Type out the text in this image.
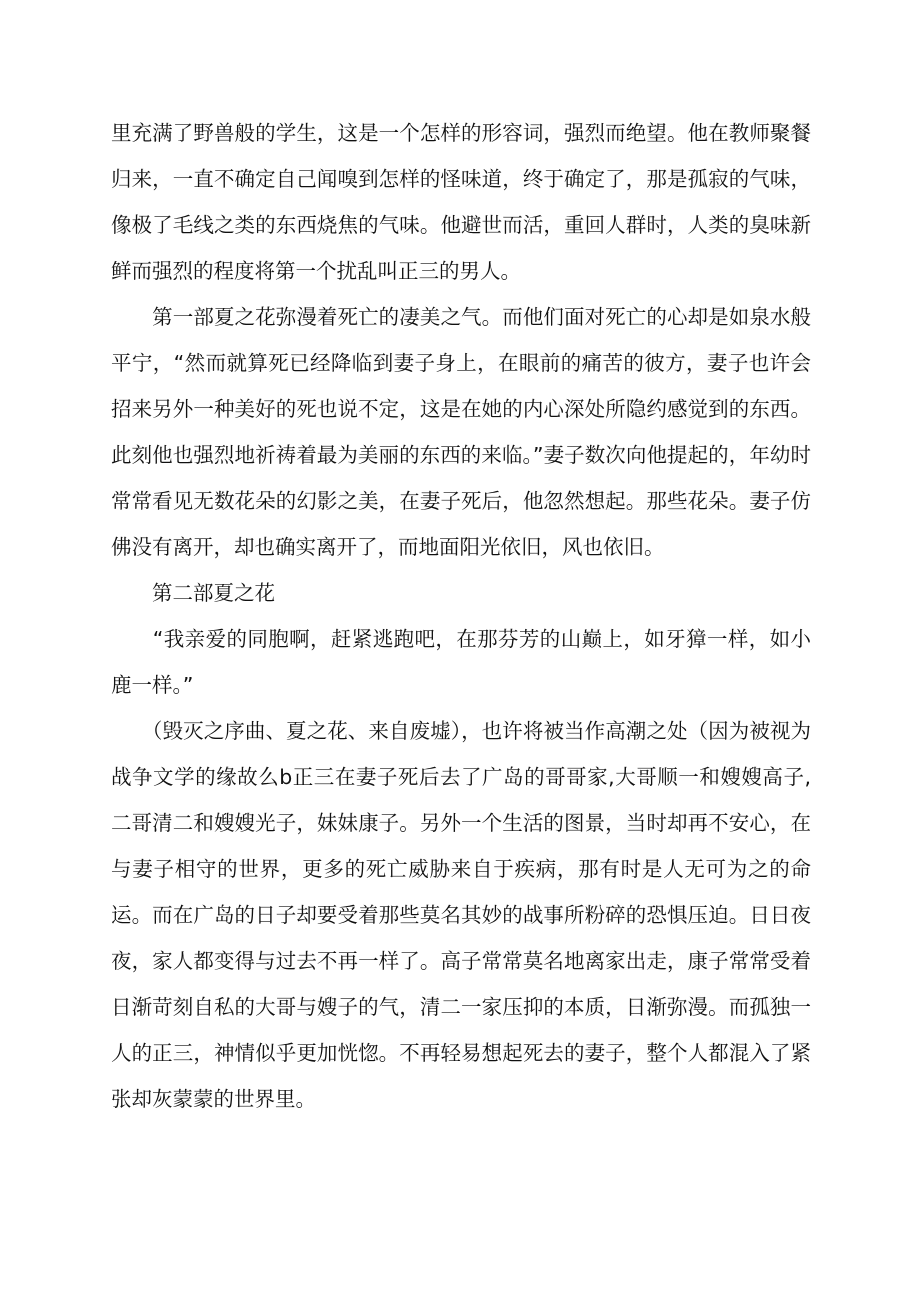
里充满了野兽般的学生，这是一个怎样的形容词，强烈而绝望。他在教师聚餐归来，一直不确定自己闻嗅到怎样的怪味道，终于确定了，那是孤寂的气味，像极了毛线之类的东西烧焦的气味。他避世而活，重回人群时，人类的臭味新鲜而强烈的程度将第一个扰乱叫正三的男人。

　　第一部夏之花弥漫着死亡的凄美之气。而他们面对死亡的心却是如泉水般平宁，“然而就算死已经降临到妻子身上，在眼前的痛苦的彼方，妻子也许会招来另外一种美好的死也说不定，这是在她的内心深处所隐约感觉到的东西。此刻他也强烈地祈祷着最为美丽的东西的来临。”妻子数次向他提起的，年幼时常常看见无数花朵的幻影之美，在妻子死后，他忽然想起。那些花朵。妻子仿佛没有离开，却也确实离开了，而地面阳光依旧，风也依旧。

　　第二部夏之花

　　“我亲爱的同胞啊，赶紧逃跑吧，在那芬芳的山巅上，如牙獐一样，如小鹿一样。”

　　（毁灭之序曲、夏之花、来自废墟），也许将被当作高潮之处（因为被视为战争文学的缘故么b正三在妻子死后去了广岛的哥哥家,大哥顺一和嫂嫂高子,二哥清二和嫂嫂光子，妹妹康子。另外一个生活的图景，当时却再不安心，在与妻子相守的世界，更多的死亡威胁来自于疾病，那有时是人无可为之的命运。而在广岛的日子却要受着那些莫名其妙的战事所粉碎的恐惧压迫。日日夜夜，家人都变得与过去不再一样了。高子常常莫名地离家出走，康子常常受着日渐苛刻自私的大哥与嫂子的气，清二一家压抑的本质，日渐弥漫。而孤独一人的正三，神情似乎更加恍惚。不再轻易想起死去的妻子，整个人都混入了紧张却灰蒙蒙的世界里。
